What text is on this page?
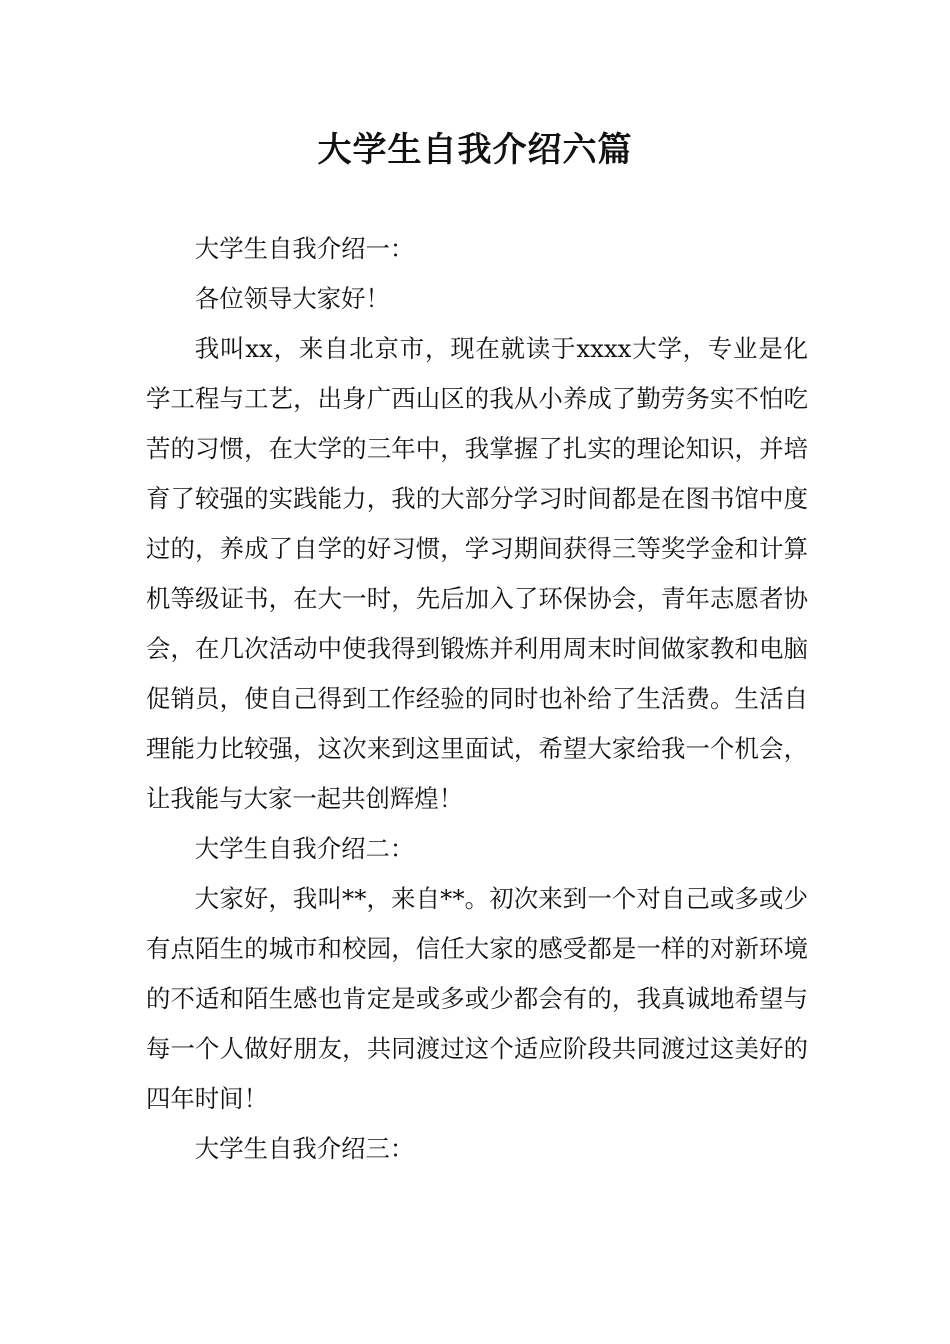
大学生自我介绍六篇

大学生自我介绍一：

各位领导大家好！

我叫xx，来自北京市，现在就读于xxxx大学，专业是化学工程与工艺，出身广西山区的我从小养成了勤劳务实不怕吃苦的习惯，在大学的三年中，我掌握了扎实的理论知识，并培育了较强的实践能力，我的大部分学习时间都是在图书馆中度过的，养成了自学的好习惯，学习期间获得三等奖学金和计算机等级证书，在大一时，先后加入了环保协会，青年志愿者协会，在几次活动中使我得到锻炼并利用周末时间做家教和电脑促销员，使自己得到工作经验的同时也补给了生活费。生活自理能力比较强，这次来到这里面试，希望大家给我一个机会，让我能与大家一起共创辉煌！

大学生自我介绍二：

大家好，我叫**，来自**。初次来到一个对自己或多或少有点陌生的城市和校园，信任大家的感受都是一样的对新环境的不适和陌生感也肯定是或多或少都会有的，我真诚地希望与每一个人做好朋友，共同渡过这个适应阶段共同渡过这美好的四年时间！

大学生自我介绍三：
